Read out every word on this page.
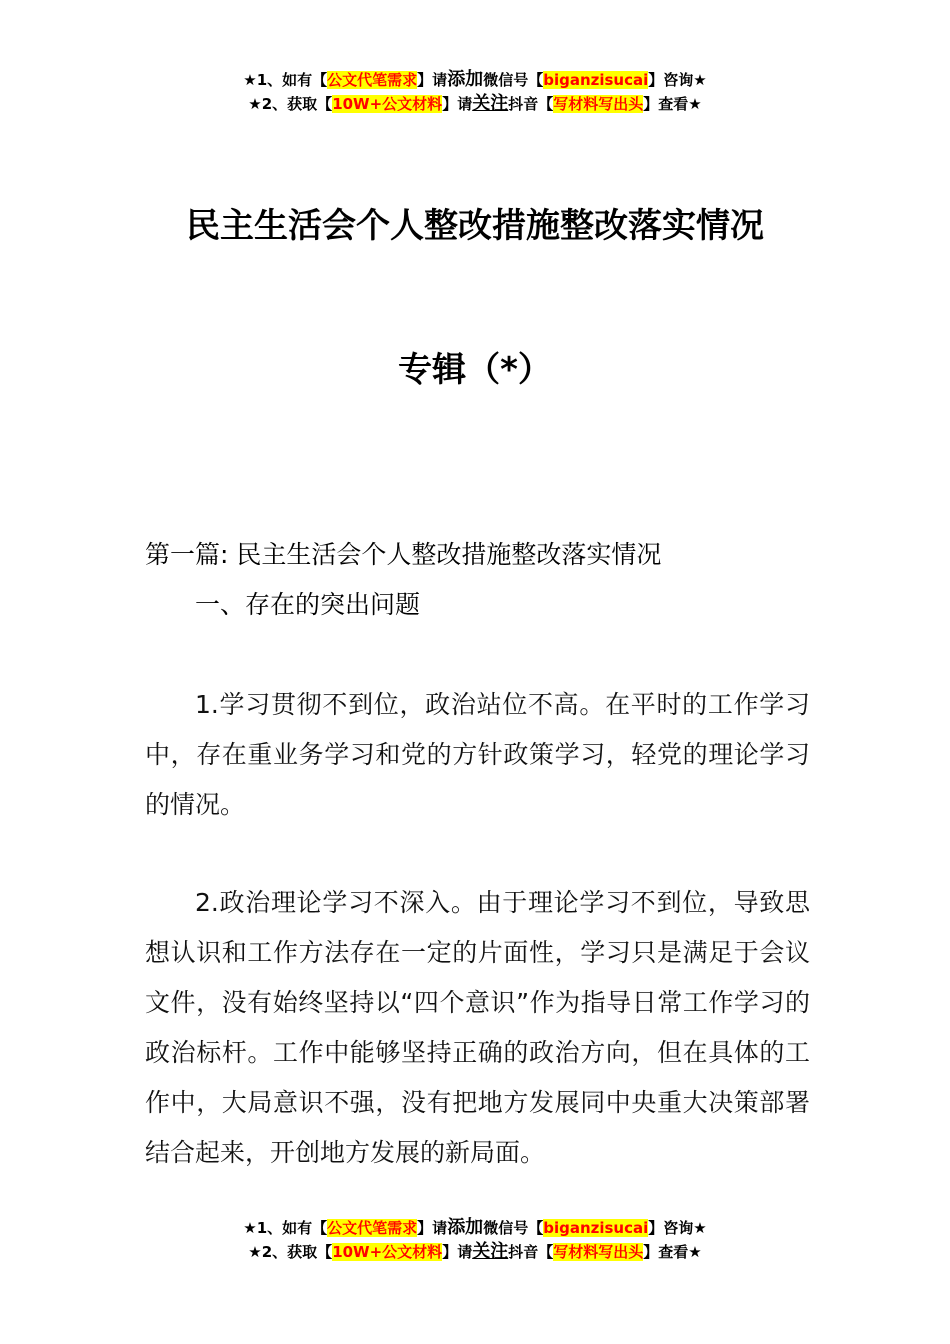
★1、如有【公文代笔需求】请添加微信号【biganzisucai】咨询★
★2、获取【10W+公文材料】请关注抖音【写材料写出头】查看★
民主生活会个人整改措施整改落实情况
专辑（*）
第一篇: 民主生活会个人整改措施整改落实情况
一、存在的突出问题

1.学习贯彻不到位，政治站位不高。在平时的工作学习中，存在重业务学习和党的方针政策学习，轻党的理论学习的情况。

2.政治理论学习不深入。由于理论学习不到位，导致思想认识和工作方法存在一定的片面性，学习只是满足于会议文件，没有始终坚持以“四个意识”作为指导日常工作学习的政治标杆。工作中能够坚持正确的政治方向，但在具体的工作中，大局意识不强，没有把地方发展同中央重大决策部署结合起来，开创地方发展的新局面。

★1、如有【公文代笔需求】请添加微信号【biganzisucai】咨询★
★2、获取【10W+公文材料】请关注抖音【写材料写出头】查看★
